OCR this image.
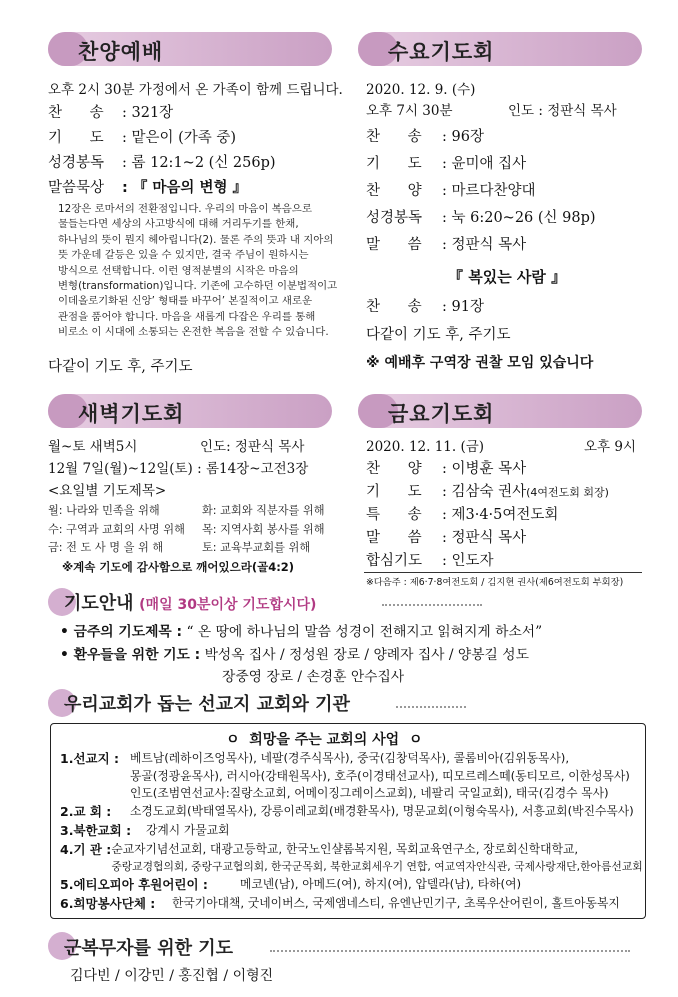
찬양예배	수요기도회
새벽기도회	금요기도회
오후 2시 30분 가정에서 온 가족이 함께 드립니다.
찬      송 : 321장
기      도 : 맡은이 (가족 중)
성경봉독 : 롬 12:1~2 (신 256p)
말씀묵상 : 『 마음의 변형 』
12장은 로마서의 전환점입니다. 우리의 마음이 복음으로
물들는다면 세상의 사고방식에 대해 거리두기를 한채,
하나님의 뜻이 뭔지 헤아립니다(2). 물론 주의 뜻과 내 지아의
뜻 가운데 갈등은 있을 수 있지만, 결국 주님이 원하시는
방식으로 선택합니다. 이런 영적분별의 시작은 마음의
변형(transformation)입니다. 기존에 고수하던 이분법적이고
이데올로기화된 신앙’ 형태를 바꾸어’ 본질적이고 새로운
관점을 품어야 합니다. 마음을 새롭게 다잡은 우리를 통해
비로소 이 시대에 소통되는 온전한 복음을 전할 수 있습니다.
다같이 기도 후, 주기도
2020. 12. 9. (수)
오후 7시 30분	인도 : 정판식 목사
찬      송 : 96장
기      도 : 윤미애 집사
찬      양 : 마르다찬양대
성경봉독 : 눅 6:20~26 (신 98p)
말      씀 : 정판식 목사
『 복있는 사람 』
찬      송 : 91장
다같이 기도 후, 주기도
※ 예배후 구역장 권찰 모임 있습니다
월~토 새벽5시	인도: 정판식 목사
12월 7일(월)~12일(토) : 롬14장~고전3장
<요일별 기도제목>
월: 나라와 민족을 위해	화: 교회와 직분자를 위해
수: 구역과 교회의 사명 위해 목: 지역사회 봉사를 위해
금: 전 도 사 명 을 위 해	토: 교육부교회를 위해
※계속 기도에 감사함으로 깨어있으라(골4:2)
2020. 12. 11. (금)	오후 9시
찬      양 : 이병훈 목사
기      도 : 김삼숙 권사(4여전도회 회장)
특      송 : 제3·4·5여전도회
말      씀 : 정판식 목사
합심기도 : 인도자
※다음주 : 제6·7·8여전도회 / 김지현 권사(제6여전도회 부회장)
기도안내 (매일 30분이상 기도합시다)
• 금주의 기도제목 : “ 온 땅에 하나님의 말씀 성경이 전해지고 읽혀지게 하소서”
• 환우들을 위한 기도 : 박성옥 집사 / 정성원 장로 / 양례자 집사 / 양봉길 성도
장중영 장로 / 손경훈 안수집사
우리교회가 돕는 선교지 교회와 기관
ㅇ  희망을 주는 교회의 사업  ㅇ
1.선교지 : 베트남(레하이즈엉목사), 네팔(경주식목사), 중국(김창덕목사), 콜롬비아(김위동목사),
몽골(정광윤목사), 러시아(강태원목사), 호주(이경태선교사), 띠모르레스떼(동티모르, 이한성목사)
인도(조범연선교사:질랑소교회, 어메이징그레이스교회), 네팔리 국일교회), 태국(김경수 목사)
2.교 회 :	소경도교회(박태열목사), 강릉이레교회(배경환목사), 명문교회(이형숙목사), 서흥교회(박진수목사)
3.북한교회 :	강계시 가물교회
4.기 관 : 순교자기념선교회, 대광고등학교, 한국노인샬롬복지원, 목회교육연구소, 장로회신학대학교,
중랑교경협의회, 중랑구교협의회, 한국군목회, 북한교회세우기 연합, 여교역자안식관, 국제사랑재단,한아름선교회
5.에티오피아 후원어린이 :	메코넨(남), 아메드(여), 하지(여), 압델라(남), 타하(여)
6.희망봉사단체 :	한국기아대책, 굿네이버스, 국제앰네스티, 유엔난민기구, 초록우산어린이, 홀트아동복지
군복무자를 위한 기도
김다빈 / 이강민 / 홍진협 / 이형진
